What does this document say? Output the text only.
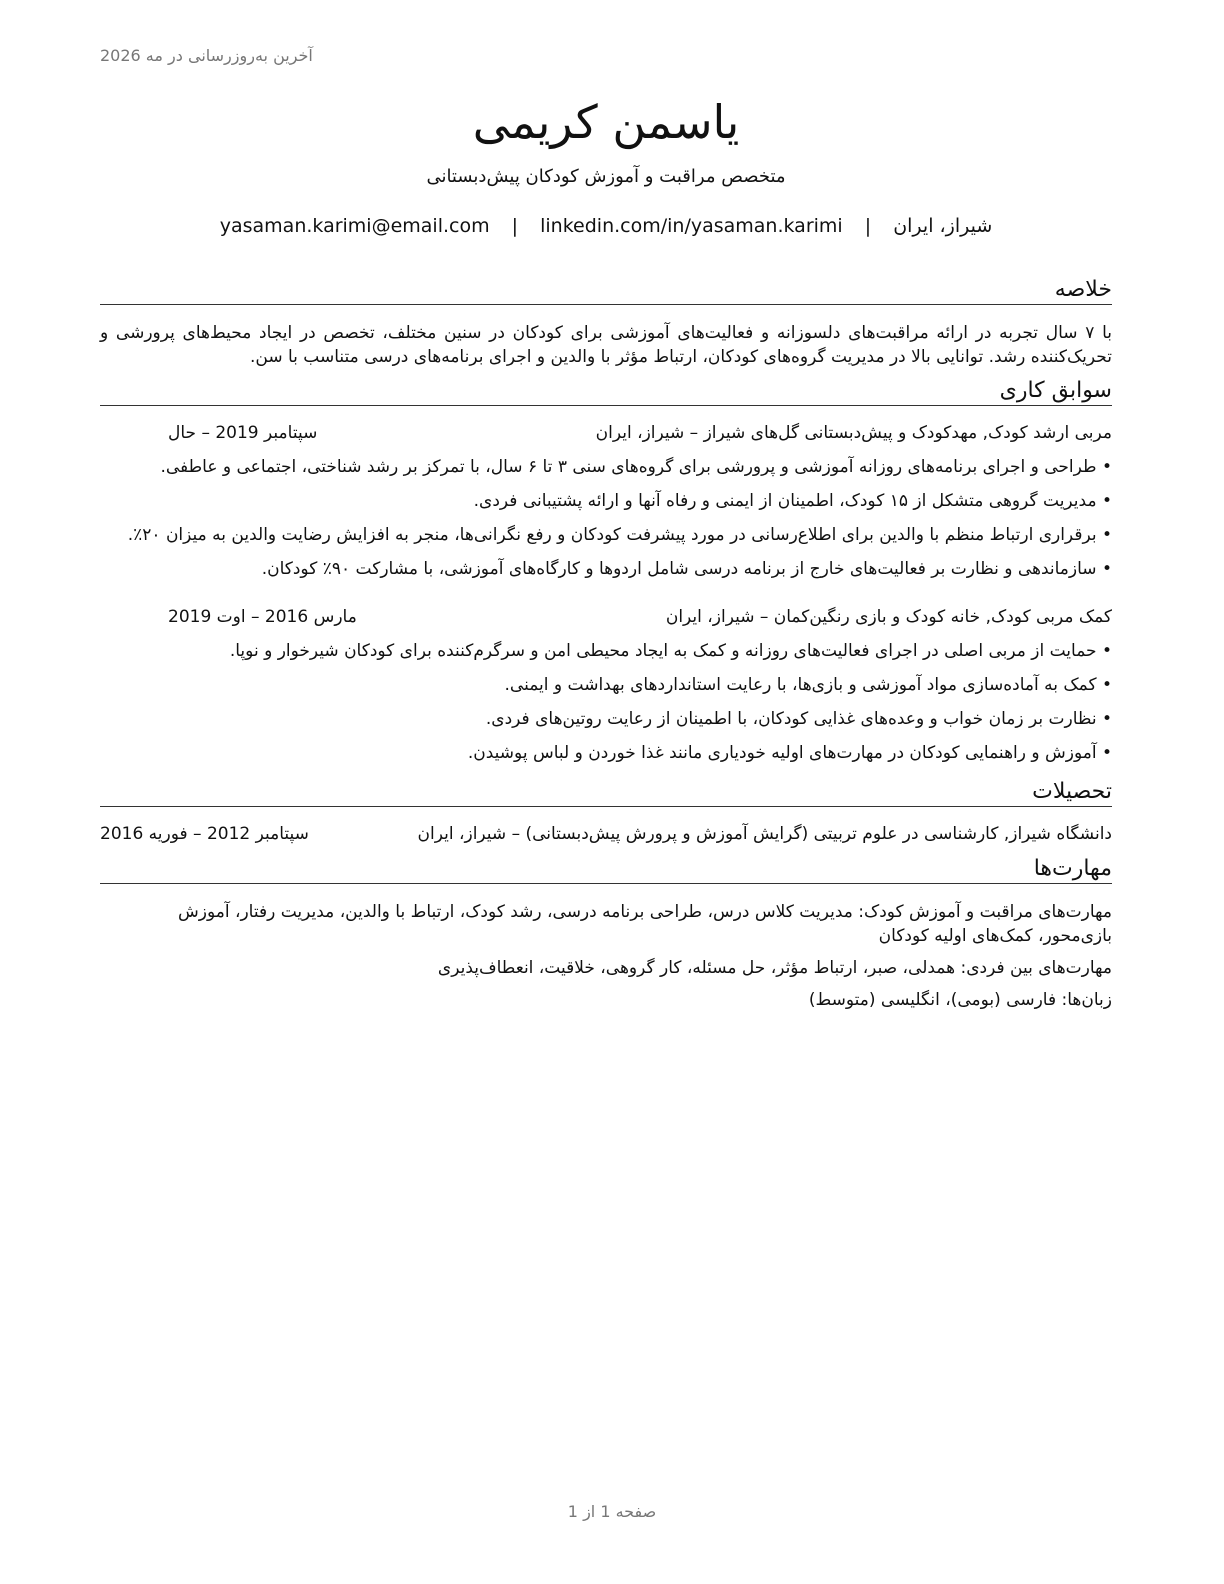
آخرین به‌روزرسانی در مه 2026
یاسمن کریمی
متخصص مراقبت و آموزش کودکان پیش‌دبستانی
شیراز، ایران | yasaman.karimi@email.com | linkedin.com/in/yasaman.karimi
خلاصه

با ۷ سال تجربه در ارائه مراقبت‌های دلسوزانه و فعالیت‌های آموزشی برای کودکان در سنین مختلف، تخصص در ایجاد محیط‌های پرورشی و تحریک‌کننده رشد. توانایی بالا در مدیریت گروه‌های کودکان، ارتباط مؤثر با والدین و اجرای برنامه‌های درسی متناسب با سن.

سوابق کاری
مربی ارشد کودک, مهدکودک و پیش‌دبستانی گل‌های شیراز – شیراز، ایران
سپتامبر 2019 – حال
• طراحی و اجرای برنامه‌های روزانه آموزشی و پرورشی برای گروه‌های سنی ۳ تا ۶ سال، با تمرکز بر رشد شناختی، اجتماعی و عاطفی.
• مدیریت گروهی متشکل از ۱۵ کودک، اطمینان از ایمنی و رفاه آنها و ارائه پشتیبانی فردی.
• برقراری ارتباط منظم با والدین برای اطلاع‌رسانی در مورد پیشرفت کودکان و رفع نگرانی‌ها، منجر به افزایش رضایت والدین به میزان ۲۰٪.
• سازماندهی و نظارت بر فعالیت‌های خارج از برنامه درسی شامل اردوها و کارگاه‌های آموزشی، با مشارکت ۹۰٪ کودکان.
کمک مربی کودک, خانه کودک و بازی رنگین‌کمان – شیراز، ایران
مارس 2016 – اوت 2019
• حمایت از مربی اصلی در اجرای فعالیت‌های روزانه و کمک به ایجاد محیطی امن و سرگرم‌کننده برای کودکان شیرخوار و نوپا.
• کمک به آماده‌سازی مواد آموزشی و بازی‌ها، با رعایت استانداردهای بهداشت و ایمنی.
• نظارت بر زمان خواب و وعده‌های غذایی کودکان، با اطمینان از رعایت روتین‌های فردی.
• آموزش و راهنمایی کودکان در مهارت‌های اولیه خودیاری مانند غذا خوردن و لباس پوشیدن.
تحصیلات
دانشگاه شیراز, کارشناسی در علوم تربیتی (گرایش آموزش و پرورش پیش‌دبستانی) – شیراز، ایران
سپتامبر 2012 – فوریه 2016
مهارت‌ها
مهارت‌های مراقبت و آموزش کودک: مدیریت کلاس درس، طراحی برنامه درسی، رشد کودک، ارتباط با والدین، مدیریت رفتار، آموزش بازی‌محور، کمک‌های اولیه کودکان
مهارت‌های بین فردی: همدلی، صبر، ارتباط مؤثر، حل مسئله، کار گروهی، خلاقیت، انعطاف‌پذیری
زبان‌ها: فارسی (بومی)، انگلیسی (متوسط)
صفحه 1 از 1
